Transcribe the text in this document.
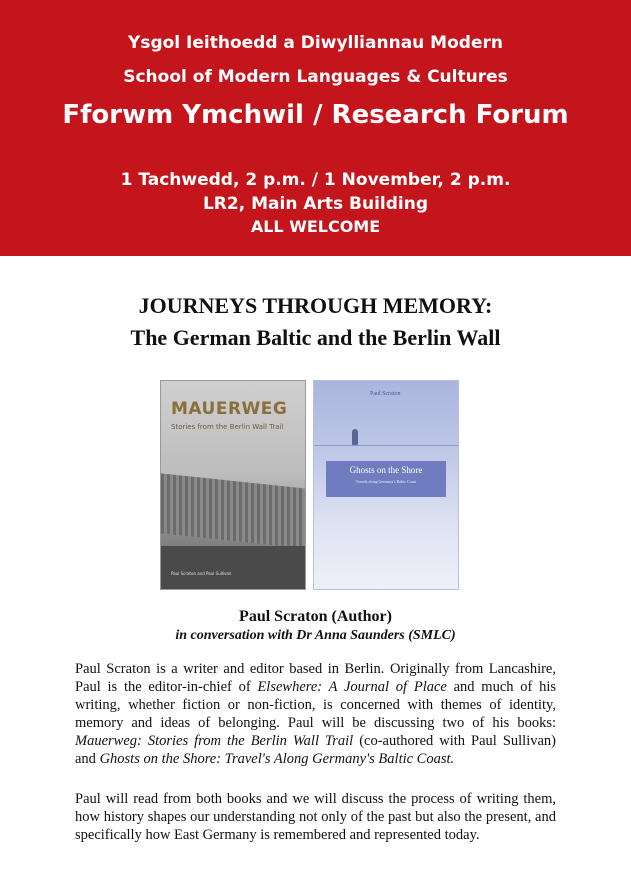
Ysgol Ieithoedd a Diwylliannau Modern
School of Modern Languages & Cultures
Fforwm Ymchwil / Research Forum
1 Tachwedd, 2 p.m. / 1 November, 2 p.m.
LR2, Main Arts Building
ALL WELCOME
JOURNEYS THROUGH MEMORY:
The German Baltic and the Berlin Wall
MAUERWEG
Stories from the Berlin Wall Trail
Paul Scraton and Paul Sullivan
Paul Scraton
Ghosts on the Shore
Travels along Germany's Baltic Coast
Paul Scraton (Author)
in conversation with Dr Anna Saunders (SMLC)
Paul Scraton is a writer and editor based in Berlin. Originally from Lancashire, Paul is the editor-in-chief of Elsewhere: A Journal of Place and much of his writing, whether fiction or non-fiction, is concerned with themes of identity, memory and ideas of belonging. Paul will be discussing two of his books: Mauerweg: Stories from the Berlin Wall Trail (co-authored with Paul Sullivan) and Ghosts on the Shore: Travel's Along Germany's Baltic Coast.
Paul will read from both books and we will discuss the process of writing them, how history shapes our understanding not only of the past but also the present, and specifically how East Germany is remembered and represented today.
